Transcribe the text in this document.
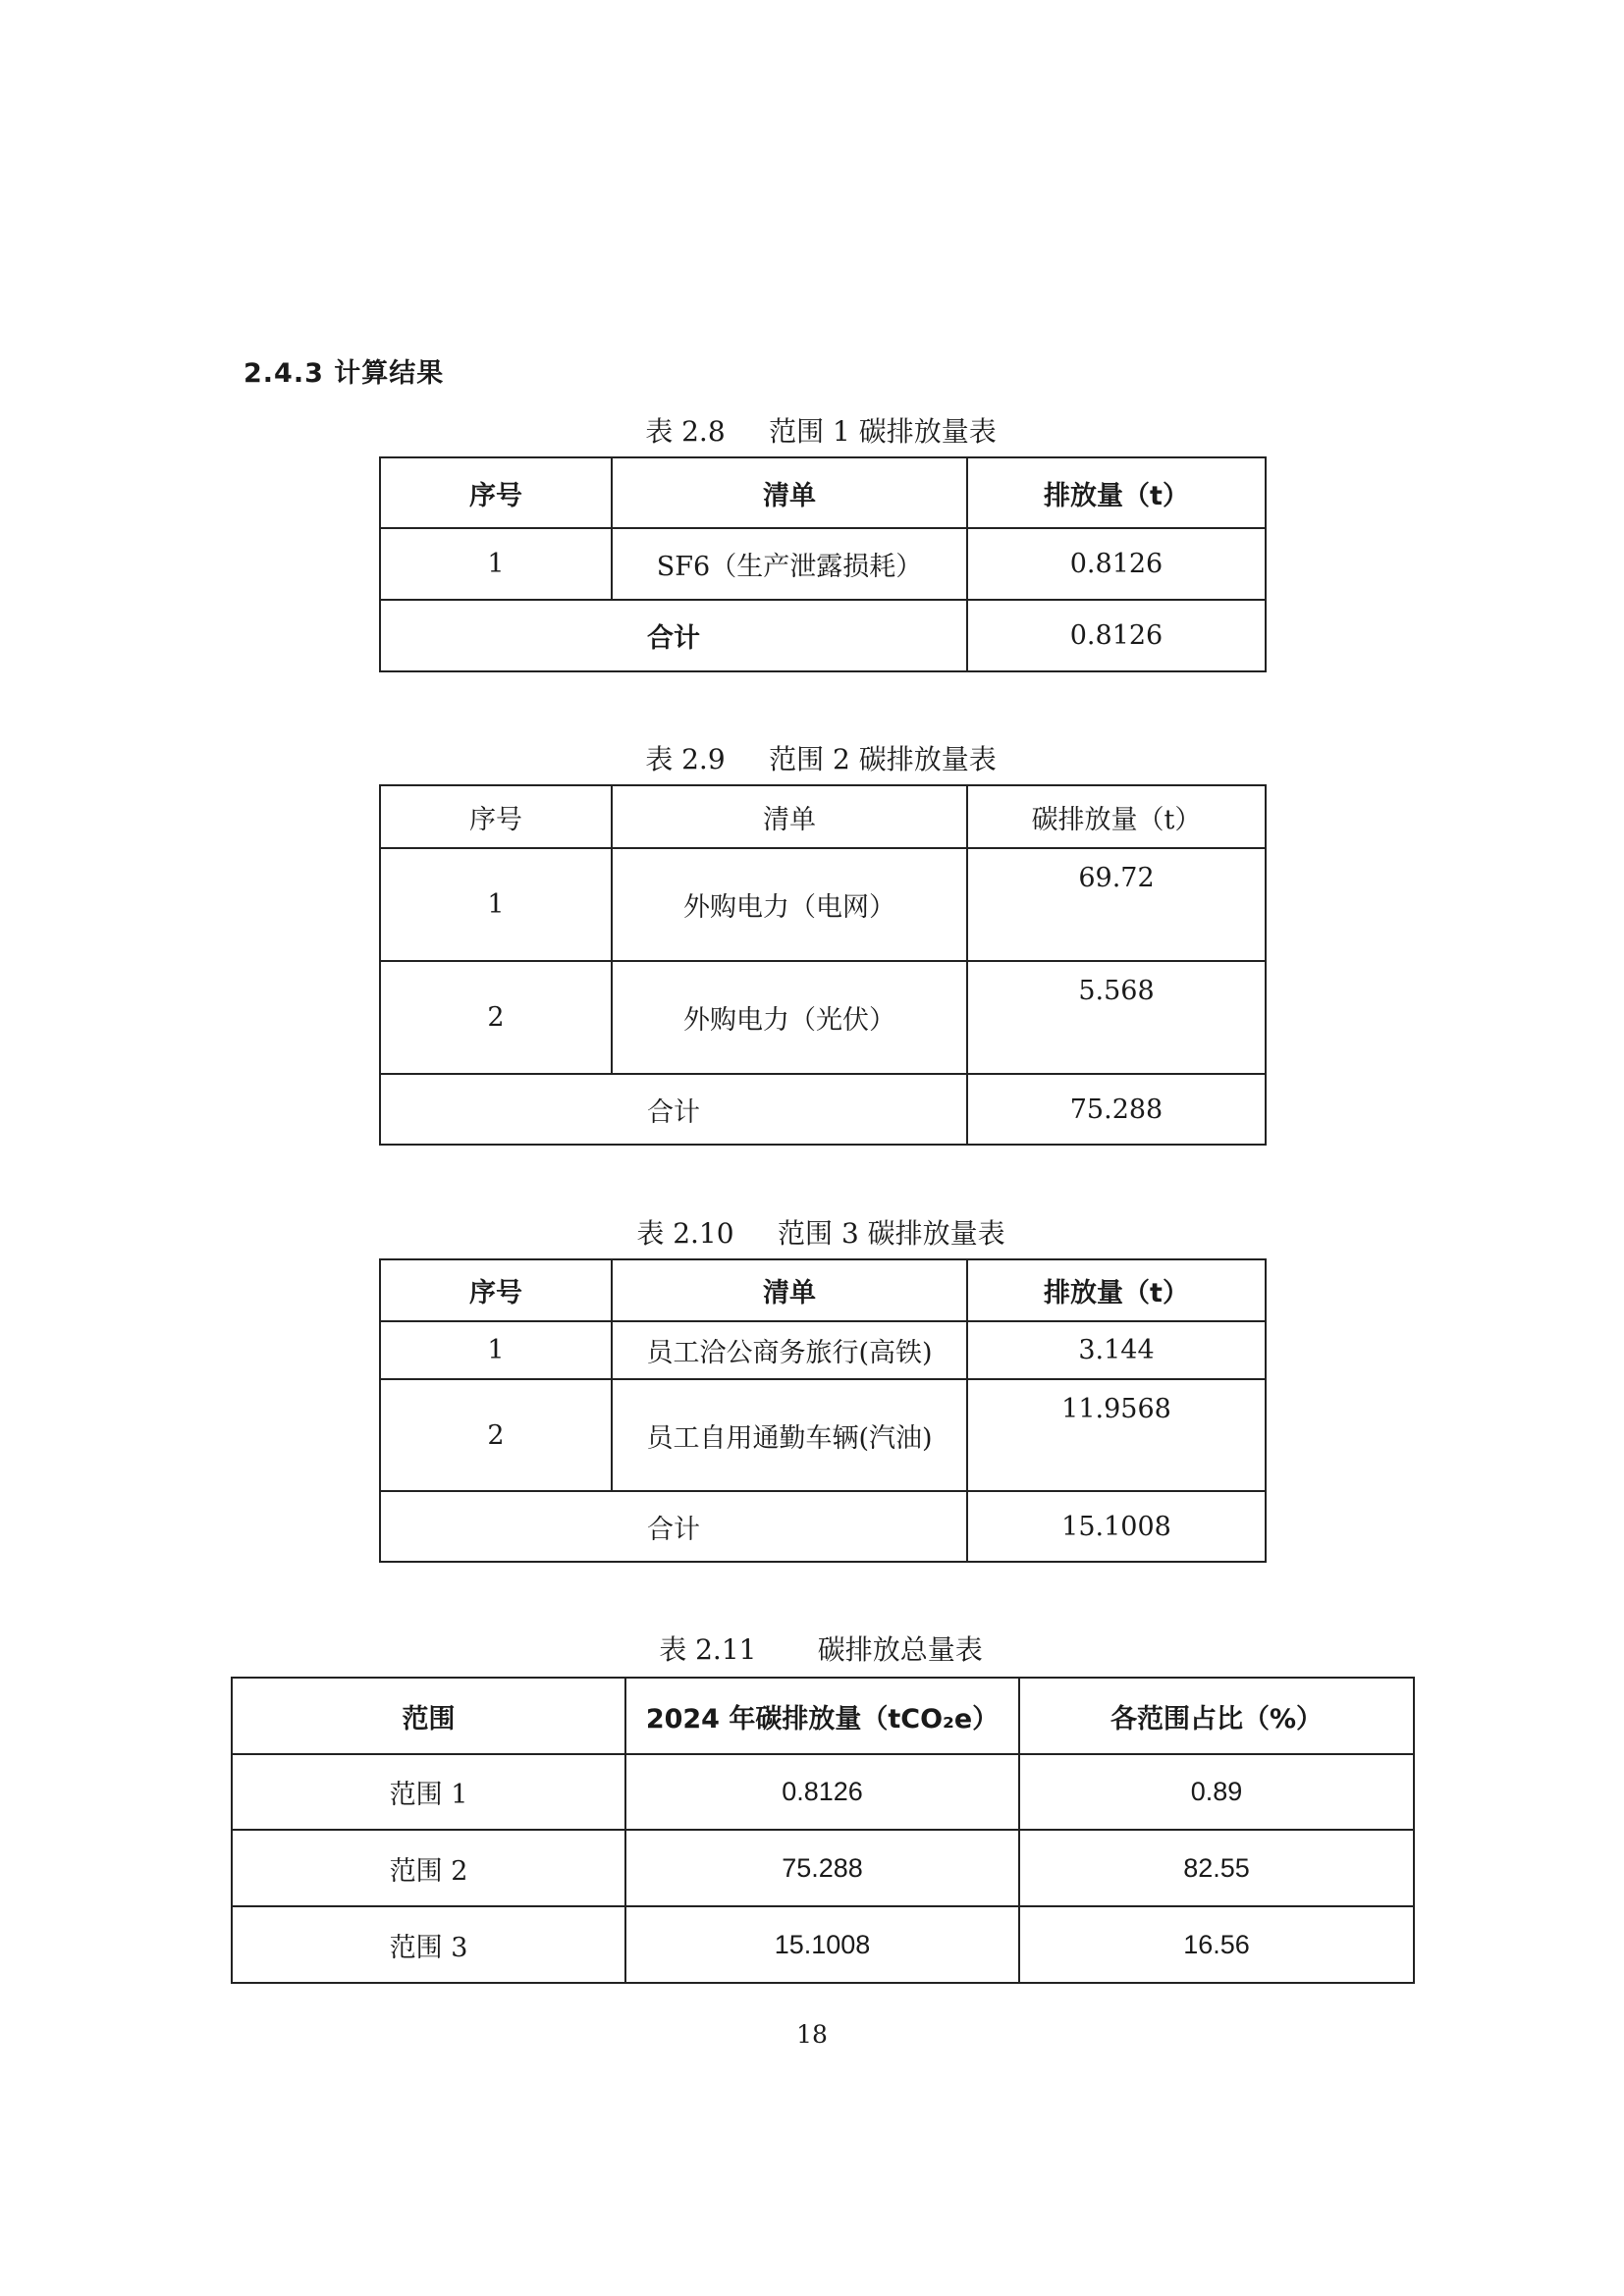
2.4.3 计算结果
表 2.8     范围 1 碳排放量表
序号	清单	排放量（t）
1	SF6（生产泄露损耗）	0.8126
合计		0.8126
表 2.9     范围 2 碳排放量表
序号	清单	碳排放量（t）
1	外购电力（电网）	69.72
2	外购电力（光伏）	5.568
合计		75.288
表 2.10     范围 3 碳排放量表
序号	清单	排放量（t）
1	员工洽公商务旅行(高铁)	3.144
2	员工自用通勤车辆(汽油)	11.9568
合计		15.1008
表 2.11       碳排放总量表
范围	2024 年碳排放量（tCO₂e）	各范围占比（%）
范围 1	0.8126	0.89
范围 2	75.288	82.55
范围 3	15.1008	16.56
18
